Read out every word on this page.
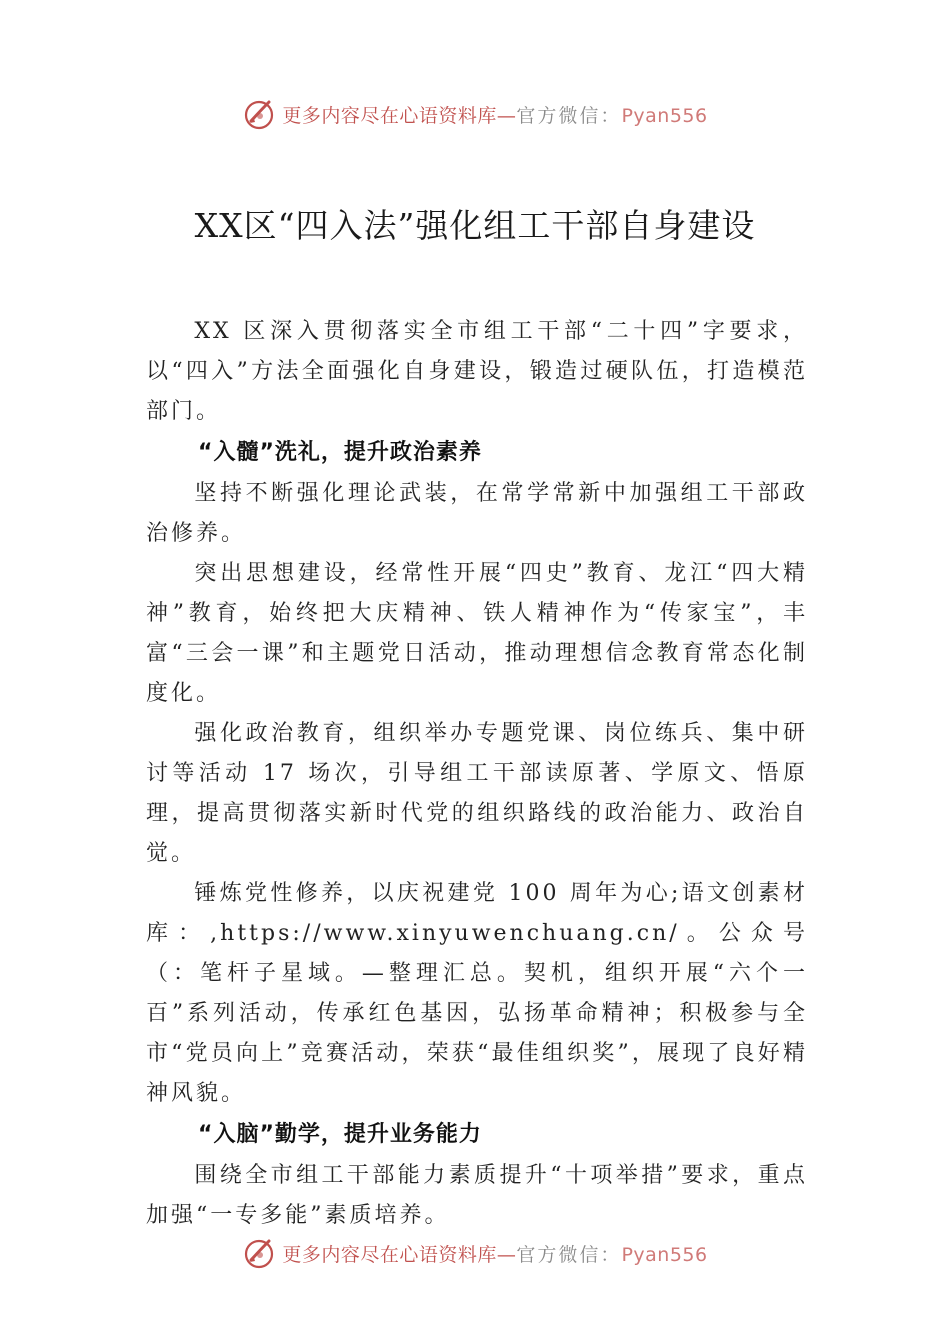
更多内容尽在心语资料库—官方微信：Pyan556
XX区“四入法”强化组工干部自身建设

XX 区深入贯彻落实全市组工干部“二十四”字要求，以“四入”方法全面强化自身建设，锻造过硬队伍，打造模范部门。

“入髓”洗礼，提升政治素养

坚持不断强化理论武装，在常学常新中加强组工干部政治修养。

突出思想建设，经常性开展“四史”教育、龙江“四大精神”教育，始终把大庆精神、铁人精神作为“传家宝”，丰富“三会一课”和主题党日活动，推动理想信念教育常态化制度化。

强化政治教育，组织举办专题党课、岗位练兵、集中研讨等活动 17 场次，引导组工干部读原著、学原文、悟原理，提高贯彻落实新时代党的组织路线的政治能力、政治自觉。

锤炼党性修养，以庆祝建党 100 周年为心;语文创素材库：,https://www.xinyuwenchuang.cn/。公众号（：笔杆子星域。—整理汇总。契机，组织开展“六个一百”系列活动，传承红色基因，弘扬革命精神；积极参与全市“党员向上”竞赛活动，荣获“最佳组织奖”，展现了良好精神风貌。

“入脑”勤学，提升业务能力

围绕全市组工干部能力素质提升“十项举措”要求，重点加强“一专多能”素质培养。

更多内容尽在心语资料库—官方微信：Pyan556
